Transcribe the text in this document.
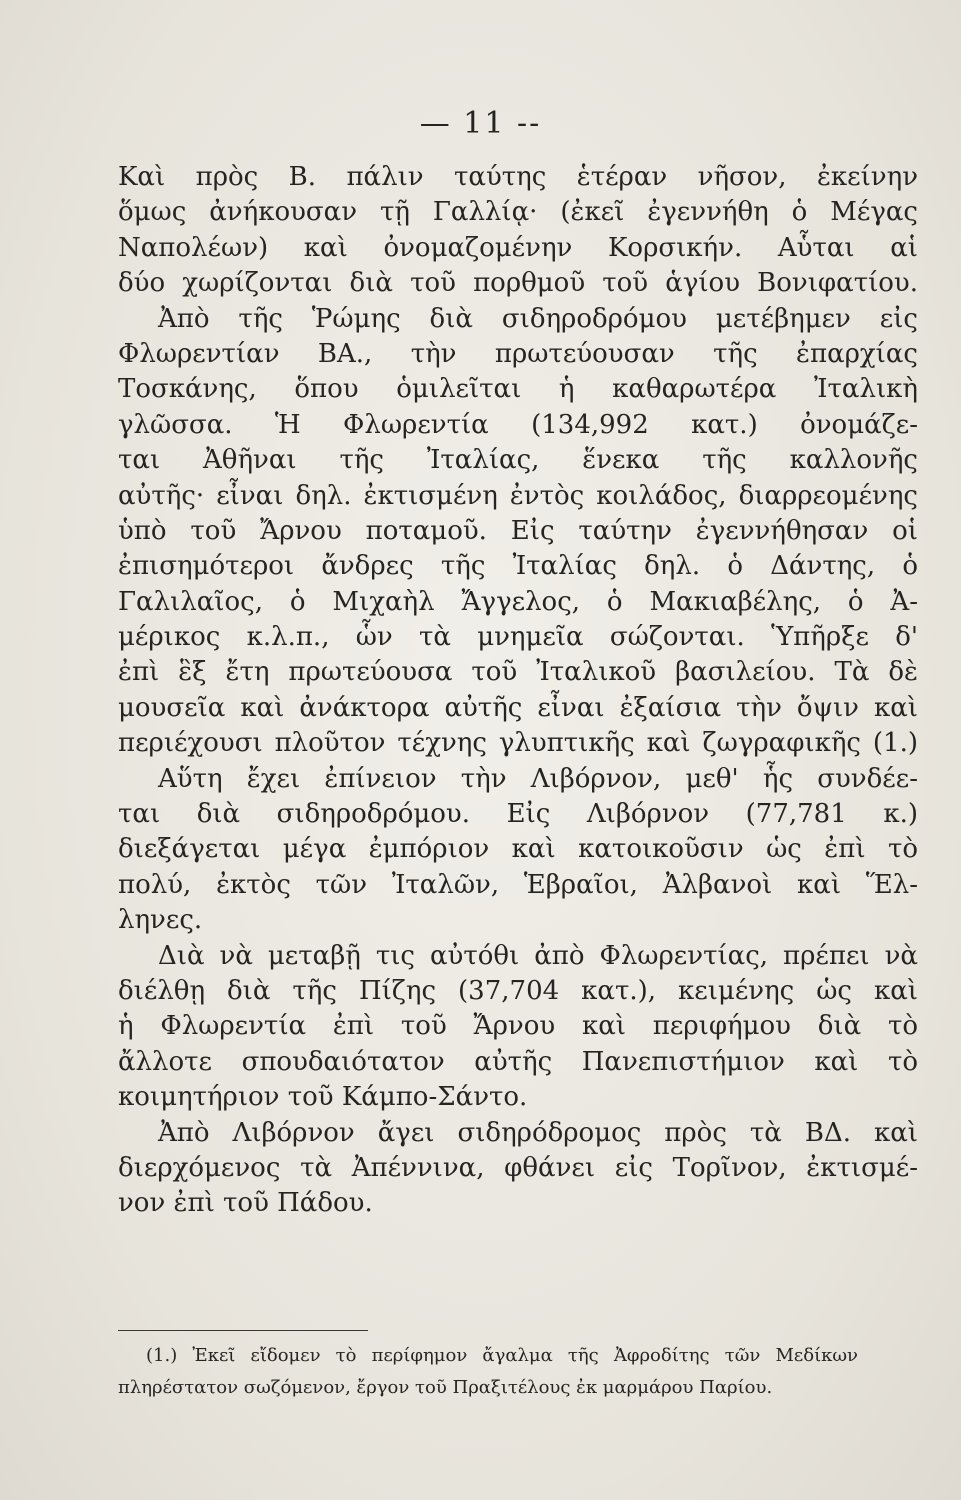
— 11 --
Καὶ πρὸς Β. πάλιν ταύτης ἑτέραν νῆσον, ἐκείνην
ὅμως ἀνήκουσαν τῇ Γαλλίᾳ· (ἐκεῖ ἐγεννήθη ὁ Μέγας
Ναπολέων) καὶ ὀνομαζομένην Κορσικήν. Αὗται αἱ
δύο χωρίζονται διὰ τοῦ πορθμοῦ τοῦ ἁγίου Βονιφατίου.
Ἀπὸ τῆς Ῥώμης διὰ σιδηροδρόμου μετέβημεν εἰς
Φλωρεντίαν ΒΑ., τὴν πρωτεύουσαν τῆς ἐπαρχίας
Τοσκάνης, ὅπου ὁμιλεῖται ἡ καθαρωτέρα Ἰταλικὴ
γλῶσσα. Ἡ Φλωρεντία (134,992 κατ.) ὀνομάζε-
ται Ἀθῆναι τῆς Ἰταλίας, ἕνεκα τῆς καλλονῆς
αὐτῆς· εἶναι δηλ. ἐκτισμένη ἐντὸς κοιλάδος, διαρρεομένης
ὑπὸ τοῦ Ἄρνου ποταμοῦ. Εἰς ταύτην ἐγεννήθησαν οἱ
ἐπισημότεροι ἄνδρες τῆς Ἰταλίας δηλ. ὁ Δάντης, ὁ
Γαλιλαῖος, ὁ Μιχαὴλ Ἄγγελος, ὁ Μακιαβέλης, ὁ Ἀ-
μέρικος κ.λ.π., ὧν τὰ μνημεῖα σώζονται. Ὑπῆρξε δ'
ἐπὶ ἓξ ἔτη πρωτεύουσα τοῦ Ἰταλικοῦ βασιλείου. Τὰ δὲ
μουσεῖα καὶ ἀνάκτορα αὐτῆς εἶναι ἐξαίσια τὴν ὄψιν καὶ
περιέχουσι πλοῦτον τέχνης γλυπτικῆς καὶ ζωγραφικῆς (1.)
Αὕτη ἔχει ἐπίνειον τὴν Λιβόρνον, μεθ' ἧς συνδέε-
ται διὰ σιδηροδρόμου. Εἰς Λιβόρνον (77,781 κ.)
διεξάγεται μέγα ἐμπόριον καὶ κατοικοῦσιν ὡς ἐπὶ τὸ
πολύ, ἐκτὸς τῶν Ἰταλῶν, Ἑβραῖοι, Ἀλβανοὶ καὶ Ἕλ-
ληνες.
Διὰ νὰ μεταβῇ τις αὐτόθι ἀπὸ Φλωρεντίας, πρέπει νὰ
διέλθῃ διὰ τῆς Πίζης (37,704 κατ.), κειμένης ὡς καὶ
ἡ Φλωρεντία ἐπὶ τοῦ Ἄρνου καὶ περιφήμου διὰ τὸ
ἄλλοτε σπουδαιότατον αὐτῆς Πανεπιστήμιον καὶ τὸ
κοιμητήριον τοῦ Κάμπο-Σάντο.
Ἀπὸ Λιβόρνον ἄγει σιδηρόδρομος πρὸς τὰ ΒΔ. καὶ
διερχόμενος τὰ Ἀπέννινα, φθάνει εἰς Τορῖνον, ἐκτισμέ-
νον ἐπὶ τοῦ Πάδου.
(1.) Ἐκεῖ εἴδομεν τὸ περίφημον ἄγαλμα τῆς Ἀφροδίτης τῶν Μεδίκων
πληρέστατον σωζόμενον, ἔργον τοῦ Πραξιτέλους ἐκ μαρμάρου Παρίου.
